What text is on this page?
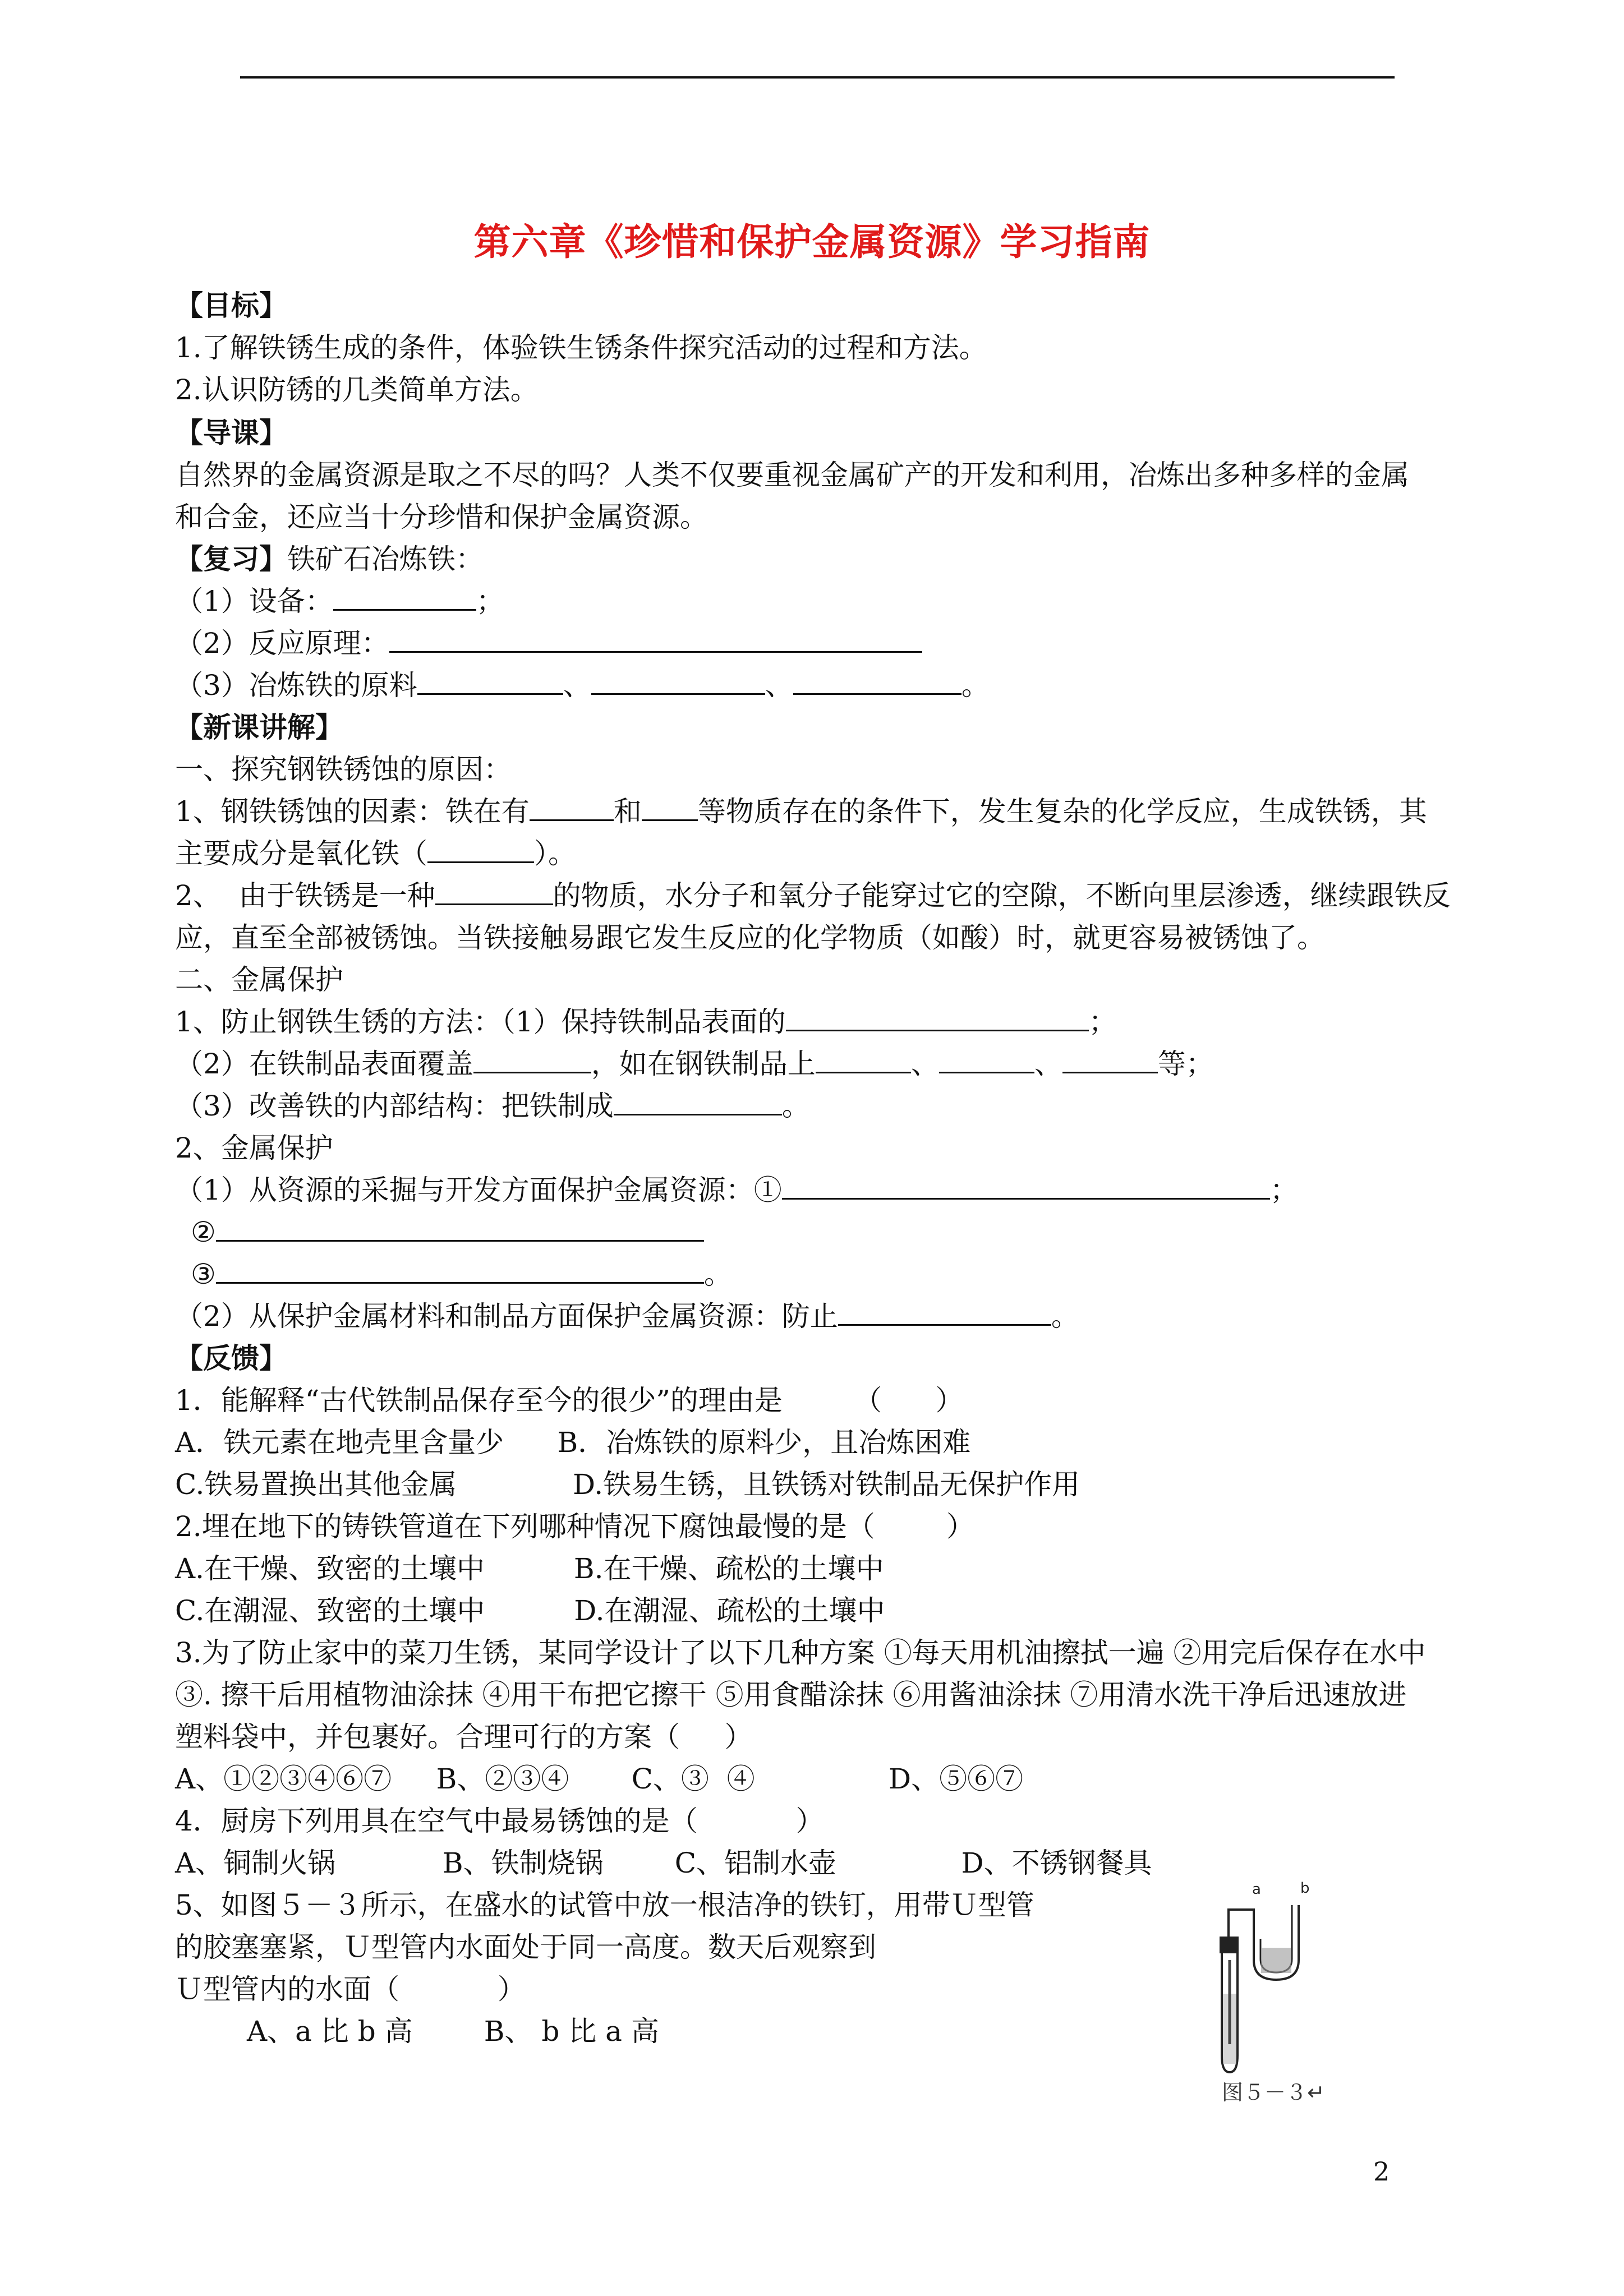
第六章《珍惜和保护金属资源》学习指南
【目标】
1.了解铁锈生成的条件，体验铁生锈条件探究活动的过程和方法。
2.认识防锈的几类简单方法。
【导课】
自然界的金属资源是取之不尽的吗？人类不仅要重视金属矿产的开发和利用，冶炼出多种多样的金属
和合金，还应当十分珍惜和保护金属资源。
【复习】铁矿石冶炼铁：
（1）设备：	；
（2）反应原理：
（3）冶炼铁的原料	、	、	。
【新课讲解】
一、探究钢铁锈蚀的原因：
1、钢铁锈蚀的因素：铁在有	和 等物质存在的条件下，发生复杂的化学反应，生成铁锈，其
主要成分是氧化铁（	）。
2、  由于铁锈是一种	的物质，水分子和氧分子能穿过它的空隙，不断向里层渗透，继续跟铁反
应，直至全部被锈蚀。当铁接触易跟它发生反应的化学物质（如酸）时，就更容易被锈蚀了。
二、金属保护
1、防止钢铁生锈的方法：（1）保持铁制品表面的	；
（2）在铁制品表面覆盖	，如在钢铁制品上	、	、	等；
（3）改善铁的内部结构：把铁制成	。
2、金属保护
（1）从资源的采掘与开发方面保护金属资源：①	；
②
③	。
（2）从保护金属材料和制品方面保护金属资源：防止	。
【反馈】
1．能解释“古代铁制品保存至今的很少”的理由是        （      ）
A．铁元素在地壳里含量少      B．冶炼铁的原料少，且冶炼困难
C.铁易置换出其他金属             D.铁易生锈，且铁锈对铁制品无保护作用
2.埋在地下的铸铁管道在下列哪种情况下腐蚀最慢的是（        ）
A.在干燥、致密的土壤中          B.在干燥、疏松的土壤中
C.在潮湿、致密的土壤中          D.在潮湿、疏松的土壤中
3.为了防止家中的菜刀生锈，某同学设计了以下几种方案 ①每天用机油擦拭一遍 ②用完后保存在水中
③. 擦干后用植物油涂抹 ④用干布把它擦干 ⑤用食醋涂抹 ⑥用酱油涂抹 ⑦用清水洗干净后迅速放进
塑料袋中，并包裹好。合理可行的方案（     ）
A、①②③④⑥⑦     B、②③④       C、③  ④               D、⑤⑥⑦
4．厨房下列用具在空气中最易锈蚀的是（           ）
A、铜制火锅            B、铁制烧锅        C、铝制水壶              D、不锈钢餐具
5、如图５－３所示，在盛水的试管中放一根洁净的铁钉，用带Ｕ型管
的胶塞塞紧，Ｕ型管内水面处于同一高度。数天后观察到
Ｕ型管内的水面（           ）
A、a 比 b 高        B、 b 比 a 高
a	b
图５－３↵
2
